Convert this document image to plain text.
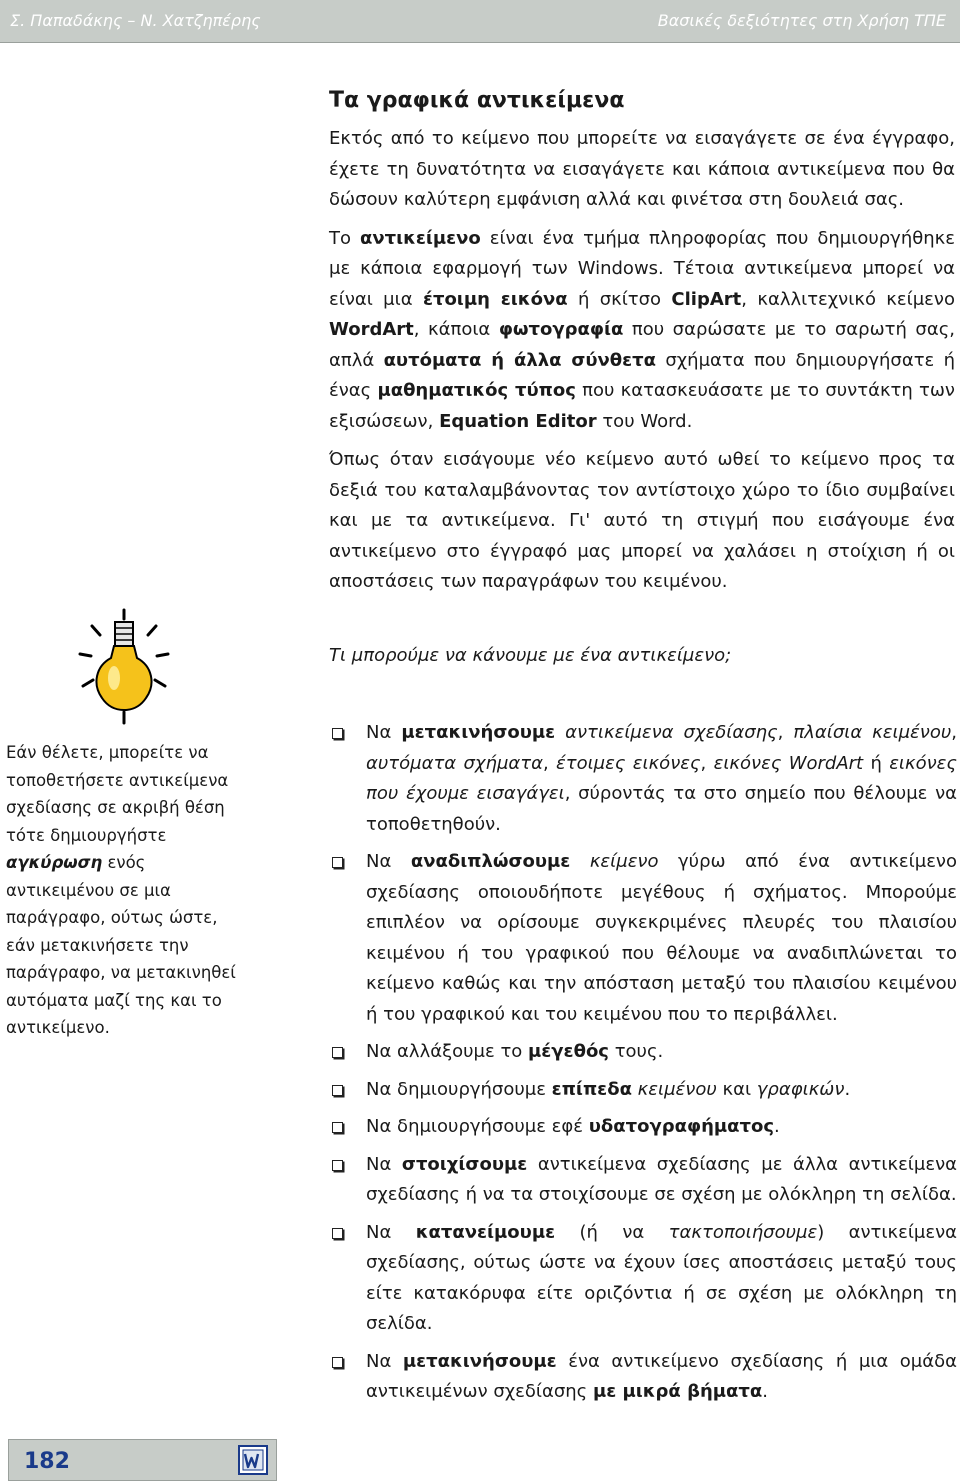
Σ. Παπαδάκης – Ν. Χατζηπέρης	Βασικές δεξιότητες στη Χρήση ΤΠΕ
Τα γραφικά αντικείμενα

Εκτός από το κείμενο που μπορείτε να εισαγάγετε σε ένα έγγραφο, έχετε τη δυνατότητα να εισαγάγετε και κάποια αντικείμενα που θα δώσουν καλύτερη εμφάνιση αλλά και φινέτσα στη δουλειά σας.

Το αντικείμενο είναι ένα τμήμα πληροφορίας που δημιουργήθηκε με κάποια εφαρμογή των Windows. Τέτοια αντικείμενα μπορεί να είναι μια έτοιμη εικόνα ή σκίτσο ClipArt, καλλιτεχνικό κείμενο WordArt, κάποια φωτογραφία που σαρώσατε με το σαρωτή σας, απλά αυτόματα ή άλλα σύνθετα σχήματα που δημιουργήσατε ή ένας μαθηματικός τύπος που κατασκευάσατε με το συντάκτη των εξισώσεων, Equation Editor του Word.

Όπως όταν εισάγουμε νέο κείμενο αυτό ωθεί το κείμενο προς τα δεξιά του καταλαμβάνοντας τον αντίστοιχο χώρο το ίδιο συμβαίνει και με τα αντικείμενα. Γι' αυτό τη στιγμή που εισάγουμε ένα αντικείμενο στο έγγραφό μας μπορεί να χαλάσει η στοίχιση ή οι αποστάσεις των παραγράφων του κειμένου.

Τι μπορούμε να κάνουμε με ένα αντικείμενο;
Εάν θέλετε, μπορείτε να τοποθετήσετε αντικείμενα σχεδίασης σε ακριβή θέση τότε δημιουργήστε αγκύρωση ενός αντικειμένου σε μια παράγραφο, ούτως ώστε, εάν μετακινήσετε την παράγραφο, να μετακινηθεί αυτόματα μαζί της και το αντικείμενο.
Να μετακινήσουμε αντικείμενα σχεδίασης, πλαίσια κειμένου, αυτόματα σχήματα, έτοιμες εικόνες, εικόνες WordArt ή εικόνες που έχουμε εισαγάγει, σύροντάς τα στο σημείο που θέλουμε να τοποθετηθούν.
Να αναδιπλώσουμε κείμενο γύρω από ένα αντικείμενο σχεδίασης οποιουδήποτε μεγέθους ή σχήματος. Μπορούμε επιπλέον να ορίσουμε συγκεκριμένες πλευρές του πλαισίου κειμένου ή του γραφικού που θέλουμε να αναδιπλώνεται το κείμενο καθώς και την απόσταση μεταξύ του πλαισίου κειμένου ή του γραφικού και του κειμένου που το περιβάλλει.
Να αλλάξουμε το μέγεθός τους.
Να δημιουργήσουμε επίπεδα κειμένου και γραφικών.
Να δημιουργήσουμε εφέ υδατογραφήματος.
Να στοιχίσουμε αντικείμενα σχεδίασης με άλλα αντικείμενα σχεδίασης ή να τα στοιχίσουμε σε σχέση με ολόκληρη τη σελίδα.
Να κατανείμουμε (ή να τακτοποιήσουμε) αντικείμενα σχεδίασης, ούτως ώστε να έχουν ίσες αποστάσεις μεταξύ τους είτε κατακόρυφα είτε οριζόντια ή σε σχέση με ολόκληρη τη σελίδα.
Να μετακινήσουμε ένα αντικείμενο σχεδίασης ή μια ομάδα αντικειμένων σχεδίασης με μικρά βήματα.
182
